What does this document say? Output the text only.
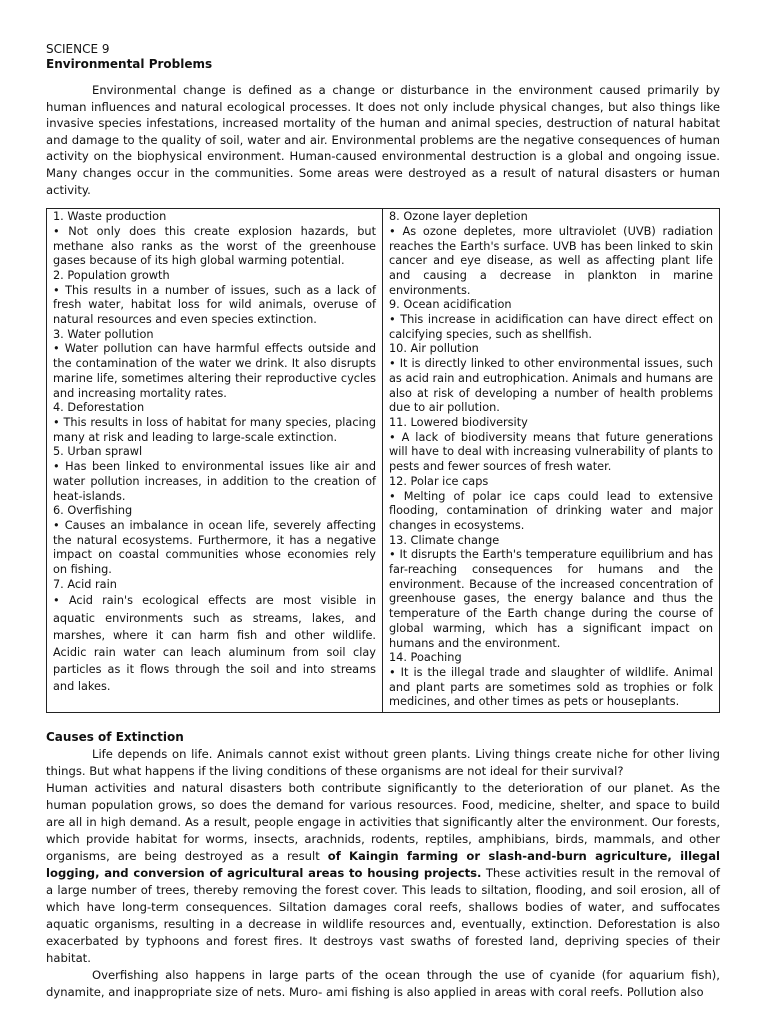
SCIENCE 9

Environmental Problems

Environmental change is defined as a change or disturbance in the environment caused primarily by human influences and natural ecological processes. It does not only include physical changes, but also things like invasive species infestations, increased mortality of the human and animal species, destruction of natural habitat and damage to the quality of soil, water and air. Environmental problems are the negative consequences of human activity on the biophysical environment. Human-caused environmental destruction is a global and ongoing issue. Many changes occur in the communities. Some areas were destroyed as a result of natural disasters or human activity.

1. Waste production

• Not only does this create explosion hazards, but methane also ranks as the worst of the greenhouse gases because of its high global warming potential.

2. Population growth

• This results in a number of issues, such as a lack of fresh water, habitat loss for wild animals, overuse of natural resources and even species extinction.

3. Water pollution

• Water pollution can have harmful effects outside and the contamination of the water we drink. It also disrupts marine life, sometimes altering their reproductive cycles and increasing mortality rates.

4. Deforestation

• This results in loss of habitat for many species, placing many at risk and leading to large-scale extinction.

5. Urban sprawl

• Has been linked to environmental issues like air and water pollution increases, in addition to the creation of heat-islands.

6. Overfishing

• Causes an imbalance in ocean life, severely affecting the natural ecosystems. Furthermore, it has a negative impact on coastal communities whose economies rely on fishing.

7. Acid rain

• Acid rain's ecological effects are most visible in aquatic environments such as streams, lakes, and marshes, where it can harm fish and other wildlife. Acidic rain water can leach aluminum from soil clay particles as it flows through the soil and into streams and lakes.

8. Ozone layer depletion

• As ozone depletes, more ultraviolet (UVB) radiation reaches the Earth's surface. UVB has been linked to skin cancer and eye disease, as well as affecting plant life and causing a decrease in plankton in marine environments.

9. Ocean acidification

• This increase in acidification can have direct effect on calcifying species, such as shellfish.

10. Air pollution

• It is directly linked to other environmental issues, such as acid rain and eutrophication. Animals and humans are also at risk of developing a number of health problems due to air pollution.

11. Lowered biodiversity

• A lack of biodiversity means that future generations will have to deal with increasing vulnerability of plants to pests and fewer sources of fresh water.

12. Polar ice caps

• Melting of polar ice caps could lead to extensive flooding, contamination of drinking water and major changes in ecosystems.

13. Climate change

• It disrupts the Earth's temperature equilibrium and has far-reaching consequences for humans and the environment. Because of the increased concentration of greenhouse gases, the energy balance and thus the temperature of the Earth change during the course of global warming, which has a significant impact on humans and the environment.

14. Poaching

• It is the illegal trade and slaughter of wildlife. Animal and plant parts are sometimes sold as trophies or folk medicines, and other times as pets or houseplants.

Causes of Extinction

Life depends on life. Animals cannot exist without green plants. Living things create niche for other living things. But what happens if the living conditions of these organisms are not ideal for their survival?

Human activities and natural disasters both contribute significantly to the deterioration of our planet. As the human population grows, so does the demand for various resources. Food, medicine, shelter, and space to build are all in high demand. As a result, people engage in activities that significantly alter the environment. Our forests, which provide habitat for worms, insects, arachnids, rodents, reptiles, amphibians, birds, mammals, and other organisms, are being destroyed as a result of Kaingin farming or slash-and-burn agriculture, illegal logging, and conversion of agricultural areas to housing projects. These activities result in the removal of a large number of trees, thereby removing the forest cover. This leads to siltation, flooding, and soil erosion, all of which have long-term consequences. Siltation damages coral reefs, shallows bodies of water, and suffocates aquatic organisms, resulting in a decrease in wildlife resources and, eventually, extinction. Deforestation is also exacerbated by typhoons and forest fires. It destroys vast swaths of forested land, depriving species of their habitat.

Overfishing also happens in large parts of the ocean through the use of cyanide (for aquarium fish), dynamite, and inappropriate size of nets. Muro- ami fishing is also applied in areas with coral reefs. Pollution also
